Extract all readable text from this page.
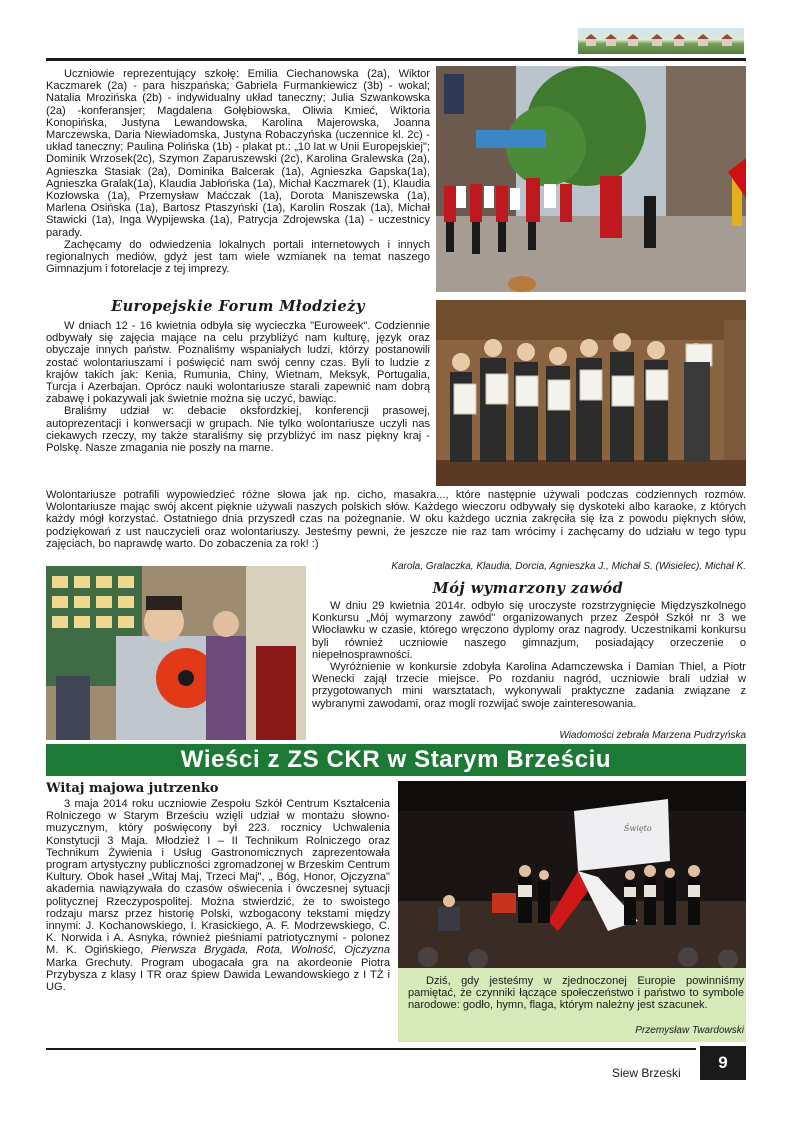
Uczniowie reprezentujący szkołę: Emilia Ciechanowska (2a), Wiktor Kaczmarek (2a) - para hiszpańska; Gabriela Furmankiewicz (3b) - wokal; Natalia Mrozińska (2b) - indywidualny układ taneczny; Julia Szwankowska (2a) -konferansjer; Magdalena Gołębiowska, Oliwia Kmieć, Wiktoria Konopińska, Justyna Lewandowska, Karolina Majerowska, Joanna Marczewska, Daria Niewiadomska, Justyna Robaczyńska (uczennice kl. 2c) - układ taneczny; Paulina Polińska (1b) - plakat pt.: „10 lat w Unii Europejskiej"; Dominik Wrzosek(2c), Szymon Zaparuszewski (2c), Karolina Gralewska (2a), Agnieszka Stasiak (2a), Dominika Balcerak (1a), Agnieszka Gapska(1a), Agnieszka Gralak(1a), Klaudia Jabłońska (1a), Michał Kaczmarek (1), Klaudia Kozłowska (1a), Przemysław Maćczak (1a), Dorota Maniszewska (1a), Marlena Osińska (1a), Bartosz Ptaszyński (1a), Karolin Roszak (1a), Michał Stawicki (1a), Inga Wypijewska (1a), Patrycja Zdrojewska (1a) - uczestnicy parady.

Zachęcamy do odwiedzenia lokalnych portali internetowych i innych regionalnych mediów, gdyż jest tam wiele wzmianek na temat naszego Gimnazjum i fotorelacje z tej imprezy.

Europejskie Forum Młodzieży

W dniach 12 - 16 kwietnia odbyła się wycieczka "Euroweek". Codziennie odbywały się zajęcia mające na celu przybliżyć nam kulturę, język oraz obyczaje innych państw. Poznaliśmy wspaniałych ludzi, którzy postanowili zostać wolontariuszami i poświęcić nam swój cenny czas. Byli to ludzie z krajów takich jak: Kenia, Rumunia, Chiny, Wietnam, Meksyk, Portugalia, Turcja i Azerbajan. Oprócz nauki wolontariusze starali zapewnić nam dobrą zabawę i pokazywali jak świetnie można się uczyć, bawiąc.

Braliśmy udział w: debacie oksfordzkiej, konferencji prasowej, autoprezentacji i konwersacji w grupach. Nie tylko wolontariusze uczyli nas ciekawych rzeczy, my także staraliśmy się przybliżyć im nasz piękny kraj - Polskę. Nasze zmagania nie poszły na marne.

Wolontariusze potrafili wypowiedzieć różne słowa jak np. cicho, masakra..., które następnie używali podczas codziennych rozmów. Wolontariusze mając swój akcent pięknie używali naszych polskich słów. Każdego wieczoru odbywały się dyskoteki albo karaoke, z których każdy mógł korzystać. Ostatniego dnia przyszedł czas na pożegnanie. W oku każdego ucznia zakręciła się łza z powodu pięknych słów, podziękowań z ust nauczycieli oraz wolontariuszy. Jesteśmy pewni, że jeszcze nie raz tam wrócimy i zachęcamy do udziału w tego typu zajęciach, bo naprawdę warto. Do zobaczenia za rok! :)

Karola, Gralaczka, Klaudia, Dorcia, Agnieszka J., Michał S. (Wisielec), Michał K.
Mój wymarzony zawód

W dniu 29 kwietnia 2014r. odbyło się uroczyste rozstrzygnięcie Międzyszkolnego Konkursu „Mój wymarzony zawód" organizowanych przez Zespół Szkół nr 3 we Włocławku w czasie, którego wręczono dyplomy oraz nagrody. Uczestnikami konkursu byli również uczniowie naszego gimnazjum, posiadający orzeczenie o niepełnosprawności.

Wyróżnienie w konkursie zdobyła Karolina Adamczewska i Damian Thiel, a Piotr Wenecki zajął trzecie miejsce. Po rozdaniu nagród, uczniowie brali udział w przygotowanych mini warsztatach, wykonywali praktyczne zadania związane z wybranymi zawodami, oraz mogli rozwijać swoje zainteresowania.

Wiadomości zebrała Marzena Pudrzyńska
Wieści z ZS CKR w Starym Brześciu
Witaj majowa jutrzenko

3 maja 2014 roku uczniowie Zespołu Szkół Centrum Kształcenia Rolniczego w Starym Brześciu wzięli udział w montażu słowno-muzycznym, który poświęcony był 223. rocznicy Uchwalenia Konstytucji 3 Maja. Młodzież I – II Technikum Rolniczego oraz Technikum Żywienia i Usług Gastronomicznych zaprezentowała program artystyczny publiczności zgromadzonej w Brzeskim Centrum Kultury. Obok haseł „Witaj Maj, Trzeci Maj", „ Bóg, Honor, Ojczyzna" akademia nawiązywała do czasów oświecenia i ówczesnej sytuacji politycznej Rzeczypospolitej. Można stwierdzić, że to swoistego rodzaju marsz przez historię Polski, wzbogacony tekstami między innymi: J. Kochanowskiego, I. Krasickiego, A. F. Modrzewskiego, C. K. Norwida i A. Asnyka, również pieśniami patriotycznymi - polonez M. K. Ogińskiego, Pierwsza Brygada, Rota, Wolność, Ojczyzna Marka Grechuty. Program ubogacała gra na akordeonie Piotra Przybysza z klasy I TR oraz śpiew Dawida Lewandowskiego z I TŻ i UG.

Święto

Dziś, gdy jesteśmy w zjednoczonej Europie powinniśmy pamiętać, że czynniki łączące społeczeństwo i państwo to symbole narodowe: godło, hymn, flaga, którym należny jest szacunek.

Przemysław Twardowski
Siew Brzeski
9
